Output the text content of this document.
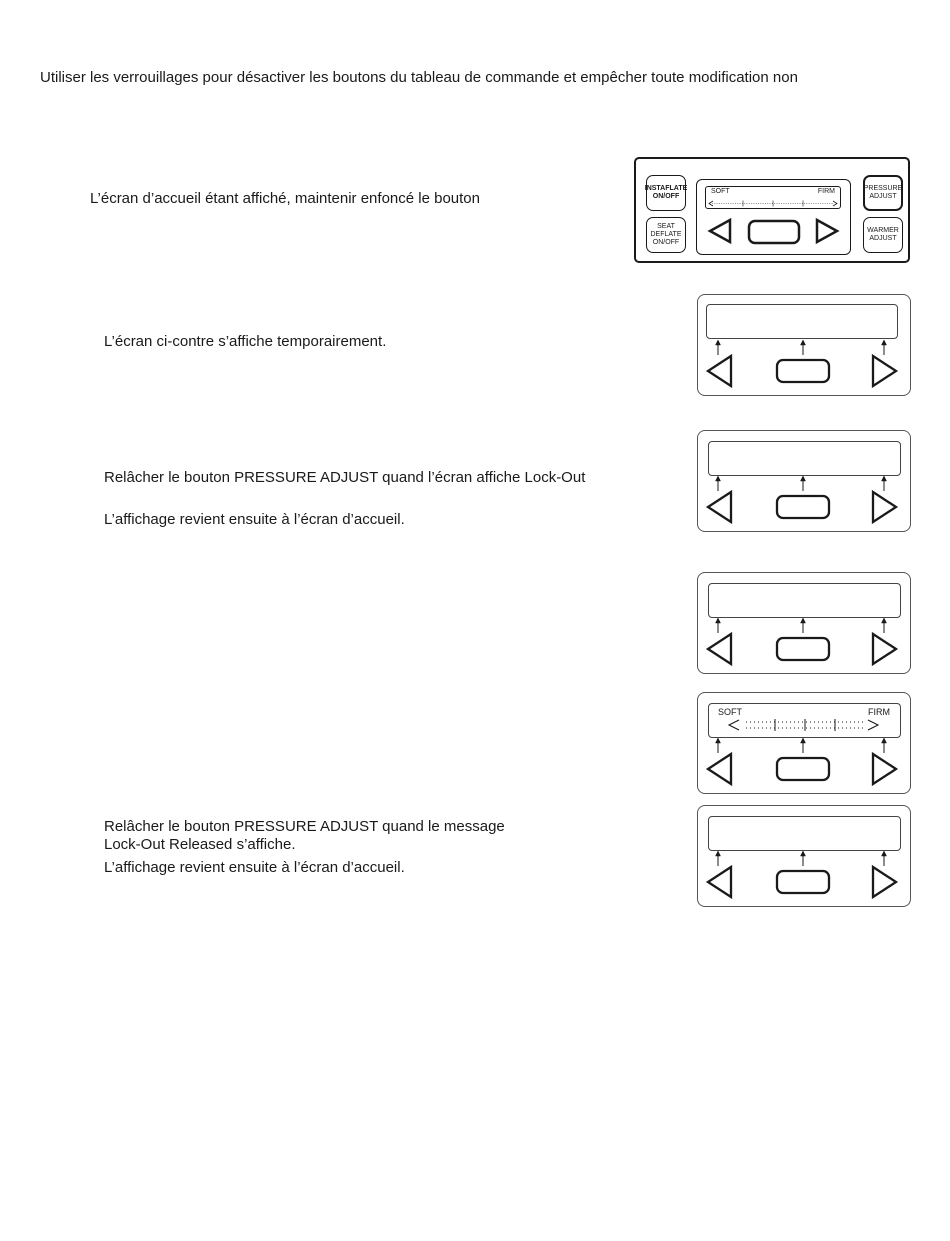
Utiliser les verrouillages pour désactiver les boutons du tableau de commande et empêcher toute modification non
L’écran d’accueil étant affiché, maintenir enfoncé le bouton
L’écran ci-contre s’affiche temporairement.
Relâcher le bouton PRESSURE ADJUST quand l’écran affiche Lock-Out
L’affichage revient ensuite à l’écran d’accueil.
Relâcher le bouton PRESSURE ADJUST quand le message
Lock-Out Released s’affiche.
L’affichage revient ensuite à l’écran d’accueil.
INSTAFLATE
ON/OFF
SEAT
DEFLATE
ON/OFF
PRESSURE
ADJUST
WARMER
ADJUST
SOFT	FIRM
SOFT	FIRM
